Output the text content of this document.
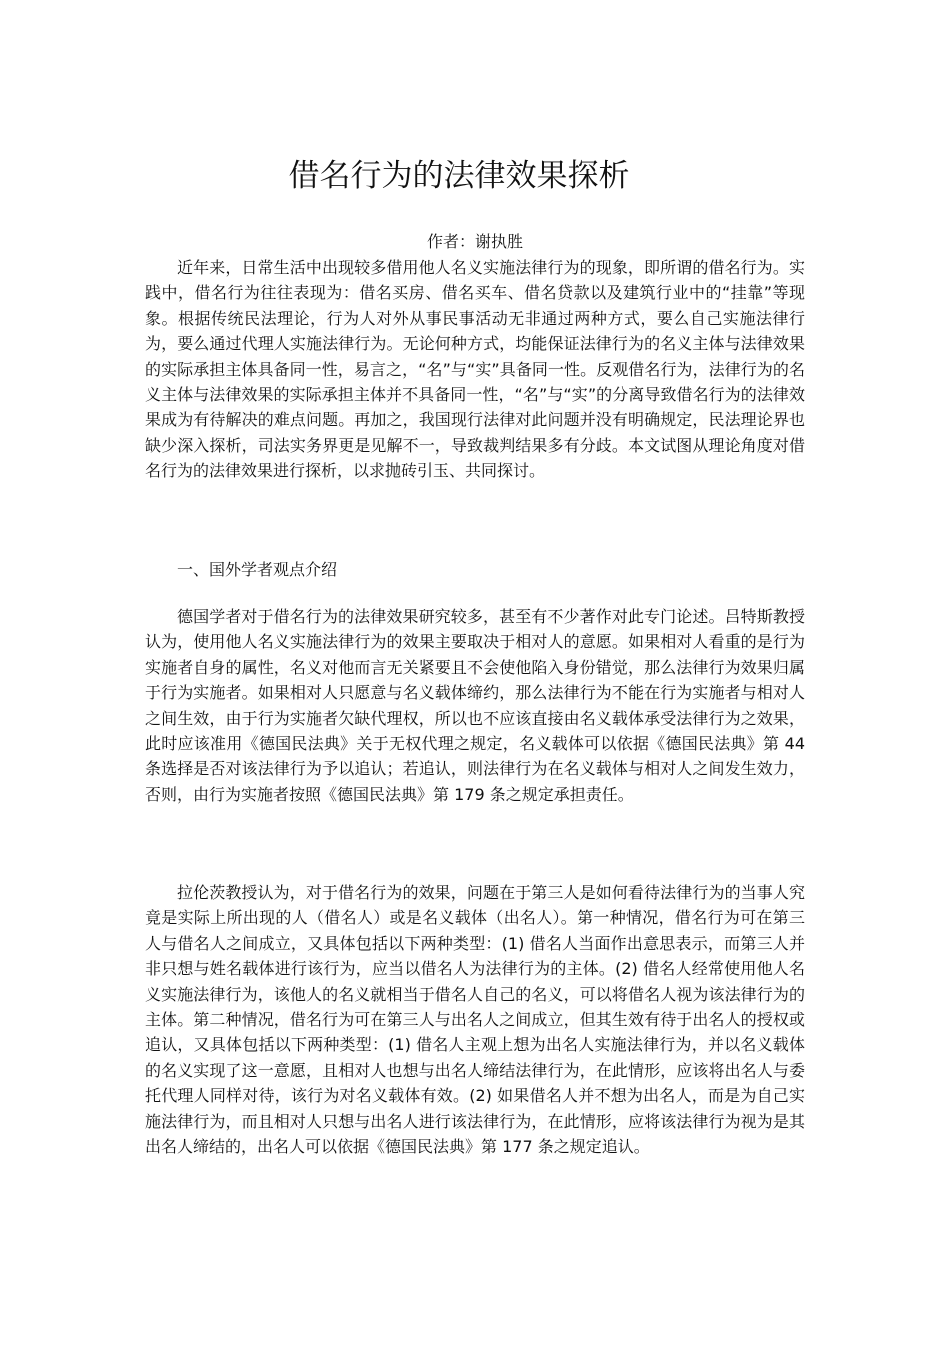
借名行为的法律效果探析
作者：谢执胜

近年来，日常生活中出现较多借用他人名义实施法律行为的现象，即所谓的借名行为。实践中，借名行为往往表现为：借名买房、借名买车、借名贷款以及建筑行业中的“挂靠”等现象。根据传统民法理论，行为人对外从事民事活动无非通过两种方式，要么自己实施法律行为，要么通过代理人实施法律行为。无论何种方式，均能保证法律行为的名义主体与法律效果的实际承担主体具备同一性，易言之，“名”与“实”具备同一性。反观借名行为，法律行为的名义主体与法律效果的实际承担主体并不具备同一性，“名”与“实”的分离导致借名行为的法律效果成为有待解决的难点问题。再加之，我国现行法律对此问题并没有明确规定，民法理论界也缺少深入探析，司法实务界更是见解不一，导致裁判结果多有分歧。本文试图从理论角度对借名行为的法律效果进行探析，以求抛砖引玉、共同探讨。

一、国外学者观点介绍

德国学者对于借名行为的法律效果研究较多，甚至有不少著作对此专门论述。吕特斯教授认为，使用他人名义实施法律行为的效果主要取决于相对人的意愿。如果相对人看重的是行为实施者自身的属性，名义对他而言无关紧要且不会使他陷入身份错觉，那么法律行为效果归属于行为实施者。如果相对人只愿意与名义载体缔约，那么法律行为不能在行为实施者与相对人之间生效，由于行为实施者欠缺代理权，所以也不应该直接由名义载体承受法律行为之效果，此时应该准用《德国民法典》关于无权代理之规定，名义载体可以依据《德国民法典》第 44 条选择是否对该法律行为予以追认；若追认，则法律行为在名义载体与相对人之间发生效力，否则，由行为实施者按照《德国民法典》第 179 条之规定承担责任。

拉伦茨教授认为，对于借名行为的效果，问题在于第三人是如何看待法律行为的当事人究竟是实际上所出现的人（借名人）或是名义载体（出名人）。第一种情况，借名行为可在第三人与借名人之间成立，又具体包括以下两种类型：(1) 借名人当面作出意思表示，而第三人并非只想与姓名载体进行该行为，应当以借名人为法律行为的主体。(2) 借名人经常使用他人名义实施法律行为，该他人的名义就相当于借名人自己的名义，可以将借名人视为该法律行为的主体。第二种情况，借名行为可在第三人与出名人之间成立，但其生效有待于出名人的授权或追认，又具体包括以下两种类型：(1) 借名人主观上想为出名人实施法律行为，并以名义载体的名义实现了这一意愿，且相对人也想与出名人缔结法律行为，在此情形，应该将出名人与委托代理人同样对待，该行为对名义载体有效。(2) 如果借名人并不想为出名人，而是为自己实施法律行为，而且相对人只想与出名人进行该法律行为，在此情形，应将该法律行为视为是其出名人缔结的，出名人可以依据《德国民法典》第 177 条之规定追认。
